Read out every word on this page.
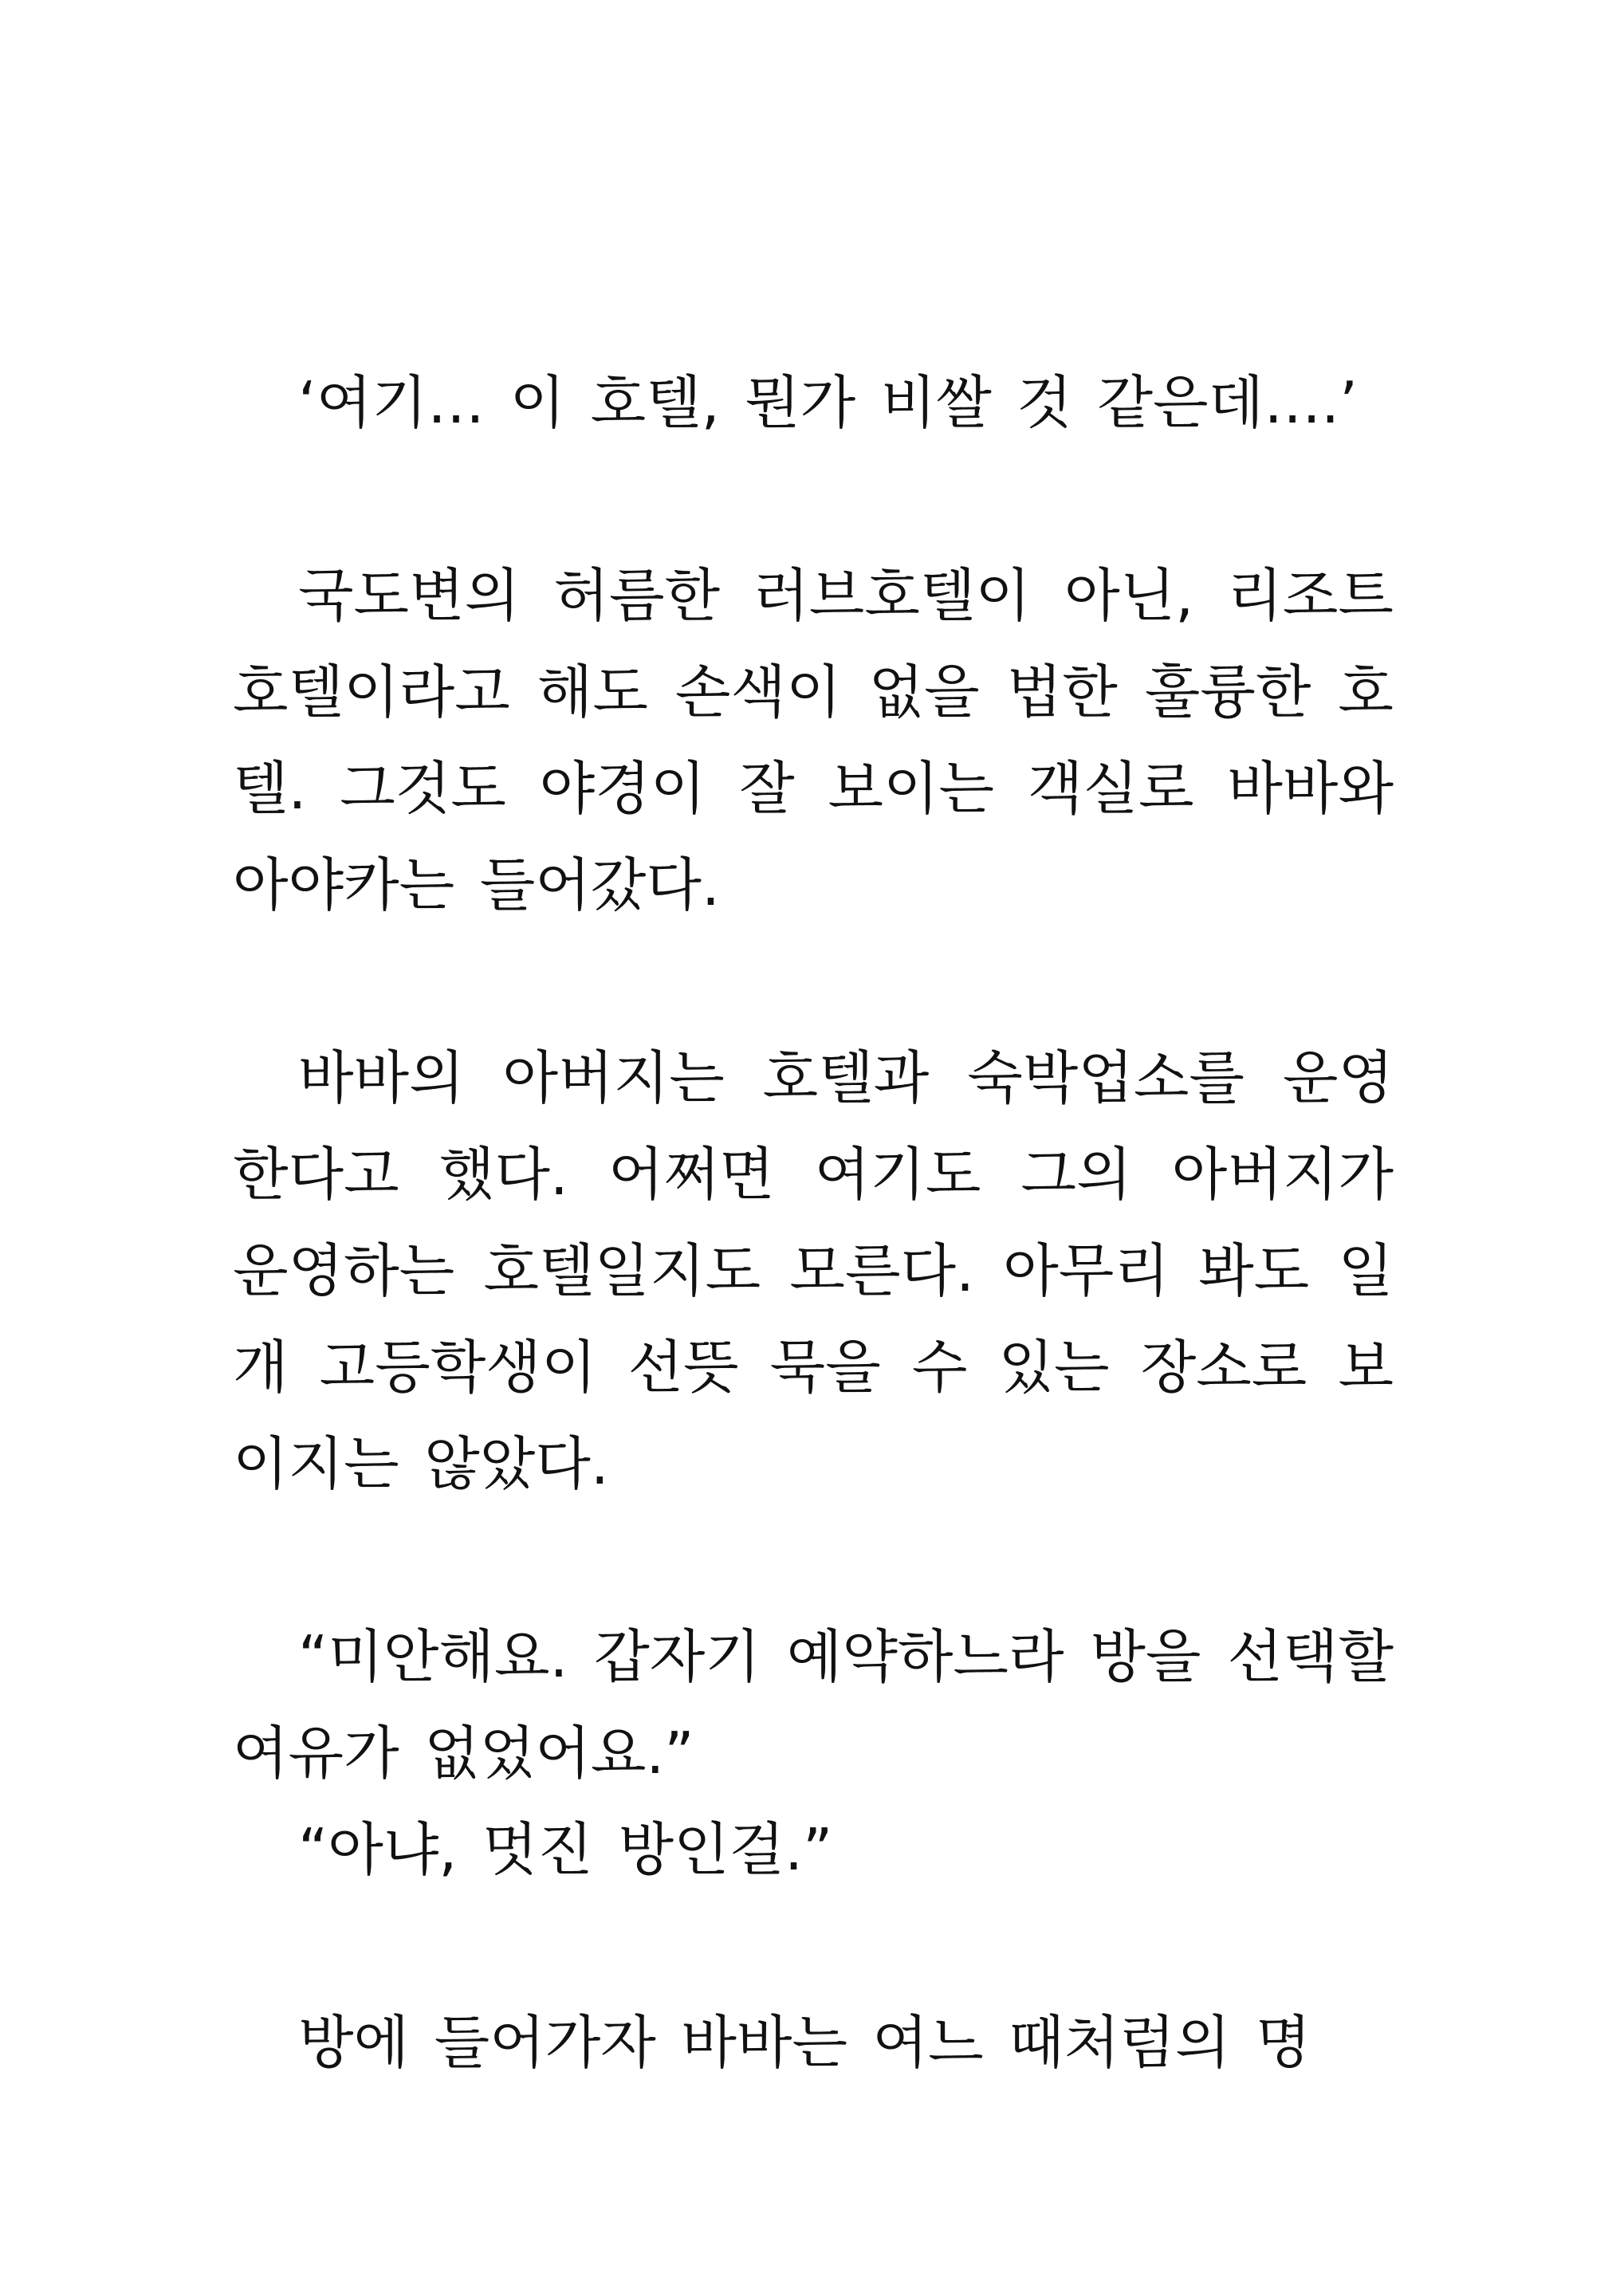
‘여기… 이 호텔, 뭔가 비쌀 것 같은데….’

국도변의 허름한 러브호텔이 아닌, 리조트 호텔이라고 해도 손색이 없을 법한 훌륭한 호텔. 그것도 야경이 잘 보이는 객실로 바바와 아야카는 들어갔다.

바바의 아버지는 호텔과 숙박업소를 운영한다고 했다. 어쩌면 여기도 그의 아버지가 운영하는 호텔일지도 모른다. 아무리 봐도 일개 고등학생이 선뜻 묵을 수 있는 장소로 보이지는 않았다.

“미안해요. 갑자기 예약하느라 방을 선택할 여유가 없었어요.”

“아냐, 멋진 방인걸.”

방에 들어가자 바바는 여느 때처럼의 명
